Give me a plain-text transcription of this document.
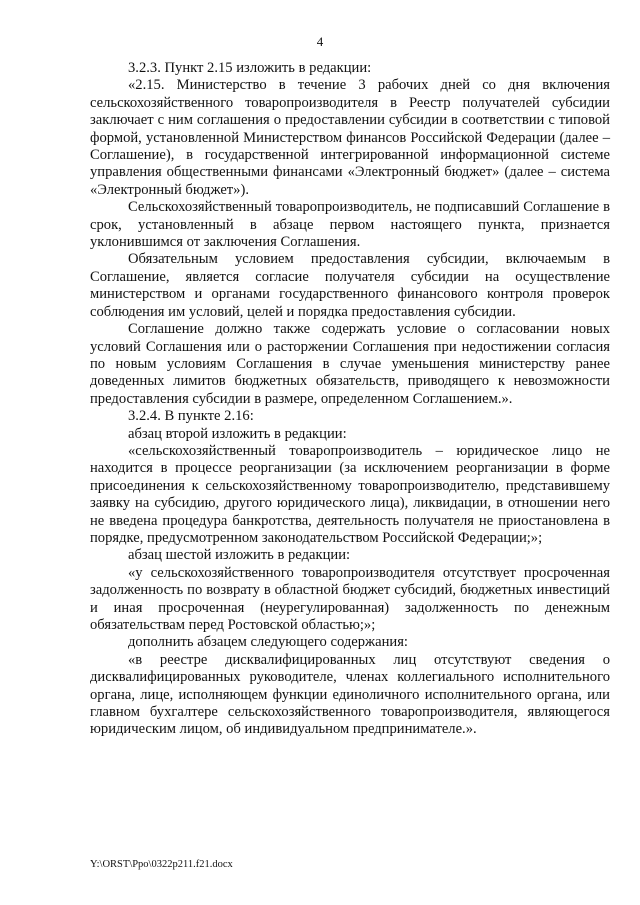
4

3.2.3. Пункт 2.15 изложить в редакции:

«2.15. Министерство в течение 3 рабочих дней со дня включения сельскохозяйственного товаропроизводителя в Реестр получателей субсидии заключает с ним соглашения о предоставлении субсидии в соответствии с типовой формой, установленной Министерством финансов Российской Федерации (далее – Соглашение), в государственной интегрированной информационной системе управления общественными финансами «Электронный бюджет» (далее – система «Электронный бюджет»).

Сельскохозяйственный товаропроизводитель, не подписавший Соглашение в срок, установленный в абзаце первом настоящего пункта, признается уклонившимся от заключения Соглашения.

Обязательным условием предоставления субсидии, включаемым в Соглашение, является согласие получателя субсидии на осуществление министерством и органами государственного финансового контроля проверок соблюдения им условий, целей и порядка предоставления субсидии.

Соглашение должно также содержать условие о согласовании новых условий Соглашения или о расторжении Соглашения при недостижении согласия по новым условиям Соглашения в случае уменьшения министерству ранее доведенных лимитов бюджетных обязательств, приводящего к невозможности предоставления субсидии в размере, определенном Соглашением.».

3.2.4. В пункте 2.16:

абзац второй изложить в редакции:

«сельскохозяйственный товаропроизводитель – юридическое лицо не находится в процессе реорганизации (за исключением реорганизации в форме присоединения к сельскохозяйственному товаропроизводителю, представившему заявку на субсидию, другого юридического лица), ликвидации, в отношении него не введена процедура банкротства, деятельность получателя не приостановлена в порядке, предусмотренном законодательством Российской Федерации;»;

абзац шестой изложить в редакции:

«у сельскохозяйственного товаропроизводителя отсутствует просроченная задолженность по возврату в областной бюджет субсидий, бюджетных инвестиций и иная просроченная (неурегулированная) задолженность по денежным обязательствам перед Ростовской областью;»;

дополнить абзацем следующего содержания:

«в реестре дисквалифицированных лиц отсутствуют сведения о дисквалифицированных руководителе, членах коллегиального исполнительного органа, лице, исполняющем функции единоличного исполнительного органа, или главном бухгалтере сельскохозяйственного товаропроизводителя, являющегося юридическим лицом, об индивидуальном предпринимателе.».

Y:\ORST\Ppo\0322p211.f21.docx
